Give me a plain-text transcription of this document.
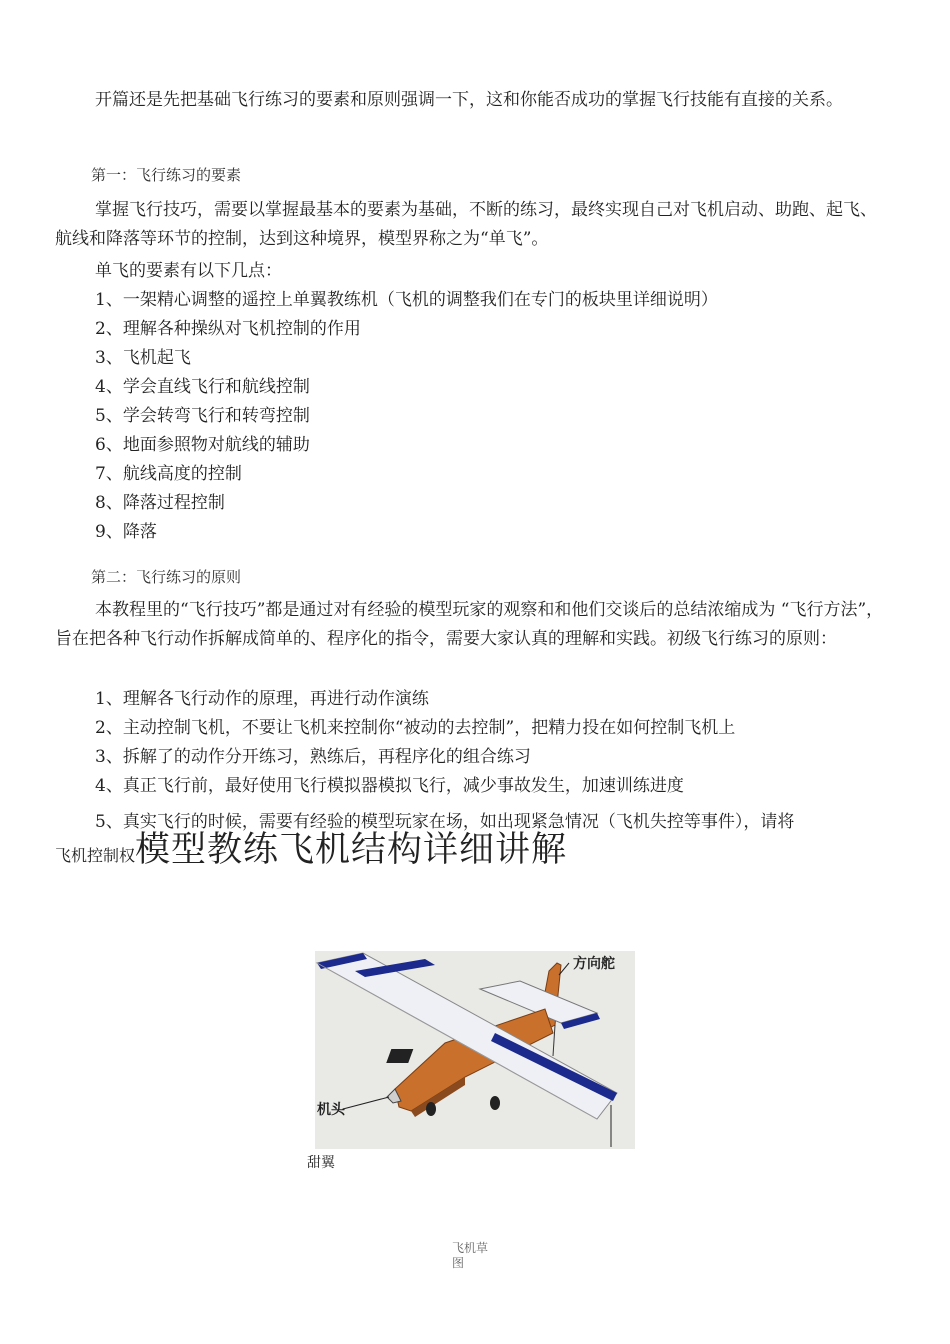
开篇还是先把基础飞行练习的要素和原则强调一下，这和你能否成功的掌握飞行技能有直接的关系。
第一：飞行练习的要素
掌握飞行技巧，需要以掌握最基本的要素为基础，不断的练习，最终实现自己对飞机启动、助跑、起飞、航线和降落等环节的控制，达到这种境界，模型界称之为“单飞”。
单飞的要素有以下几点：
1、一架精心调整的遥控上单翼教练机（飞机的调整我们在专门的板块里详细说明）
2、理解各种操纵对飞机控制的作用
3、飞机起飞
4、学会直线飞行和航线控制
5、学会转弯飞行和转弯控制
6、地面参照物对航线的辅助
7、航线高度的控制
8、降落过程控制
9、降落
第二：飞行练习的原则
本教程里的“飞行技巧”都是通过对有经验的模型玩家的观察和和他们交谈后的总结浓缩成为 “飞行方法”，旨在把各种飞行动作拆解成简单的、程序化的指令，需要大家认真的理解和实践。初级飞行练习的原则：
1、理解各飞行动作的原理，再进行动作演练
2、主动控制飞机，不要让飞机来控制你“被动的去控制”，把精力投在如何控制飞机上
3、拆解了的动作分开练习，熟练后，再程序化的组合练习
4、真正飞行前，最好使用飞行模拟器模拟飞行，减少事故发生，加速训练进度
5、真实飞行的时候，需要有经验的模型玩家在场，如出现紧急情况（飞机失控等事件），请将
飞机控制权模型教练飞机结构详细讲解
方向舵
机头
甜翼
飞机草图
